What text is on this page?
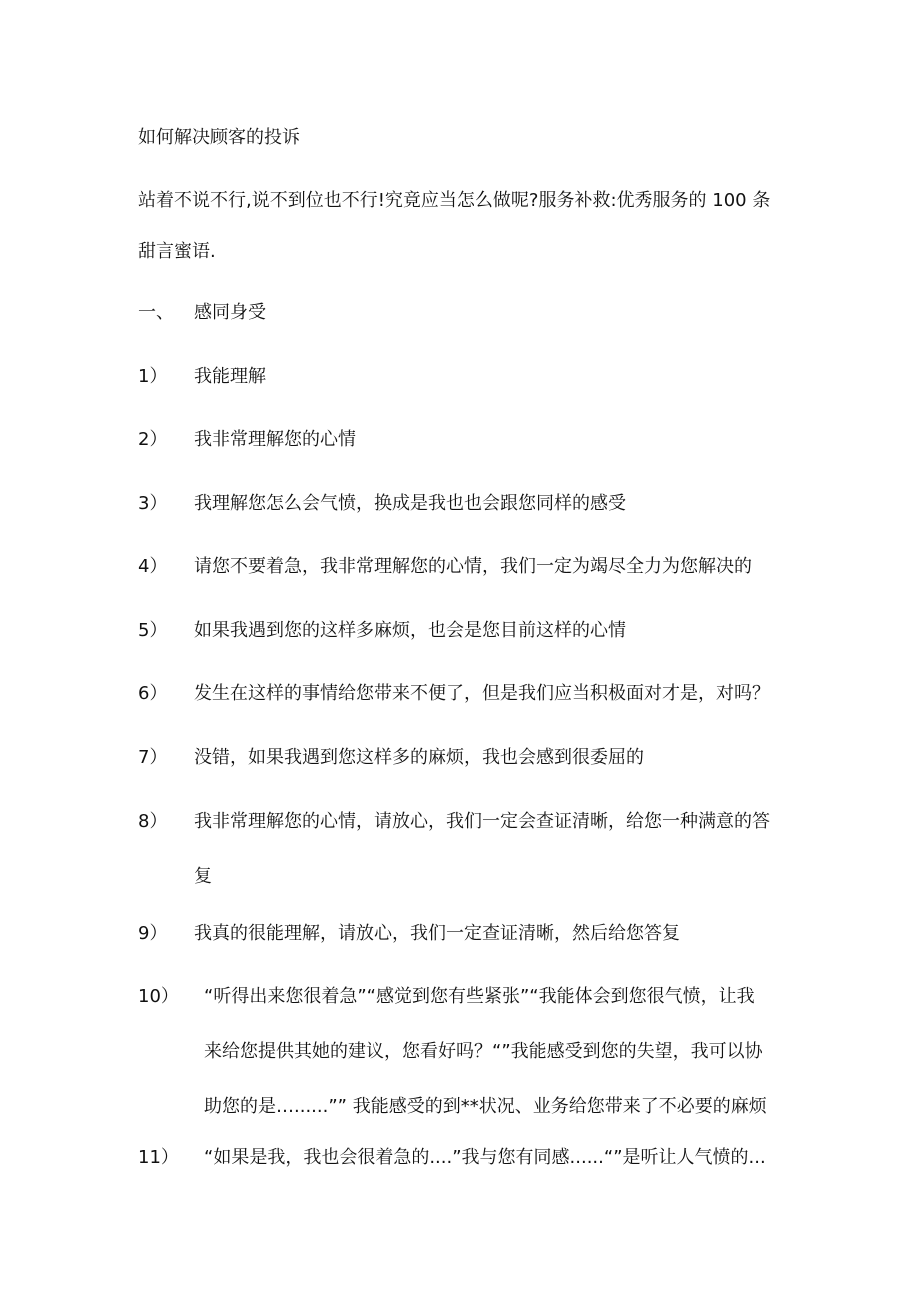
如何解决顾客的投诉
站着不说不行,说不到位也不行!究竟应当怎么做呢?服务补救:优秀服务的 100 条
甜言蜜语.
一、	感同身受
1）	我能理解
2）	我非常理解您的心情
3）	我理解您怎么会气愤，换成是我也也会跟您同样的感受
4）	请您不要着急，我非常理解您的心情，我们一定为竭尽全力为您解决的
5）	如果我遇到您的这样多麻烦，也会是您目前这样的心情
6）	发生在这样的事情给您带来不便了，但是我们应当积极面对才是，对吗？
7）	没错，如果我遇到您这样多的麻烦，我也会感到很委屈的
8）	我非常理解您的心情，请放心，我们一定会查证清晰，给您一种满意的答
复
9）	我真的很能理解，请放心，我们一定查证清晰，然后给您答复
10）	“听得出来您很着急”“感觉到您有些紧张”“我能体会到您很气愤，让我
来给您提供其她的建议，您看好吗？“”我能感受到您的失望，我可以协
助您的是…......”” 我能感受的到**状况、业务给您带来了不必要的麻烦
11）	“如果是我，我也会很着急的....”我与您有同感......“”是听让人气愤的...
